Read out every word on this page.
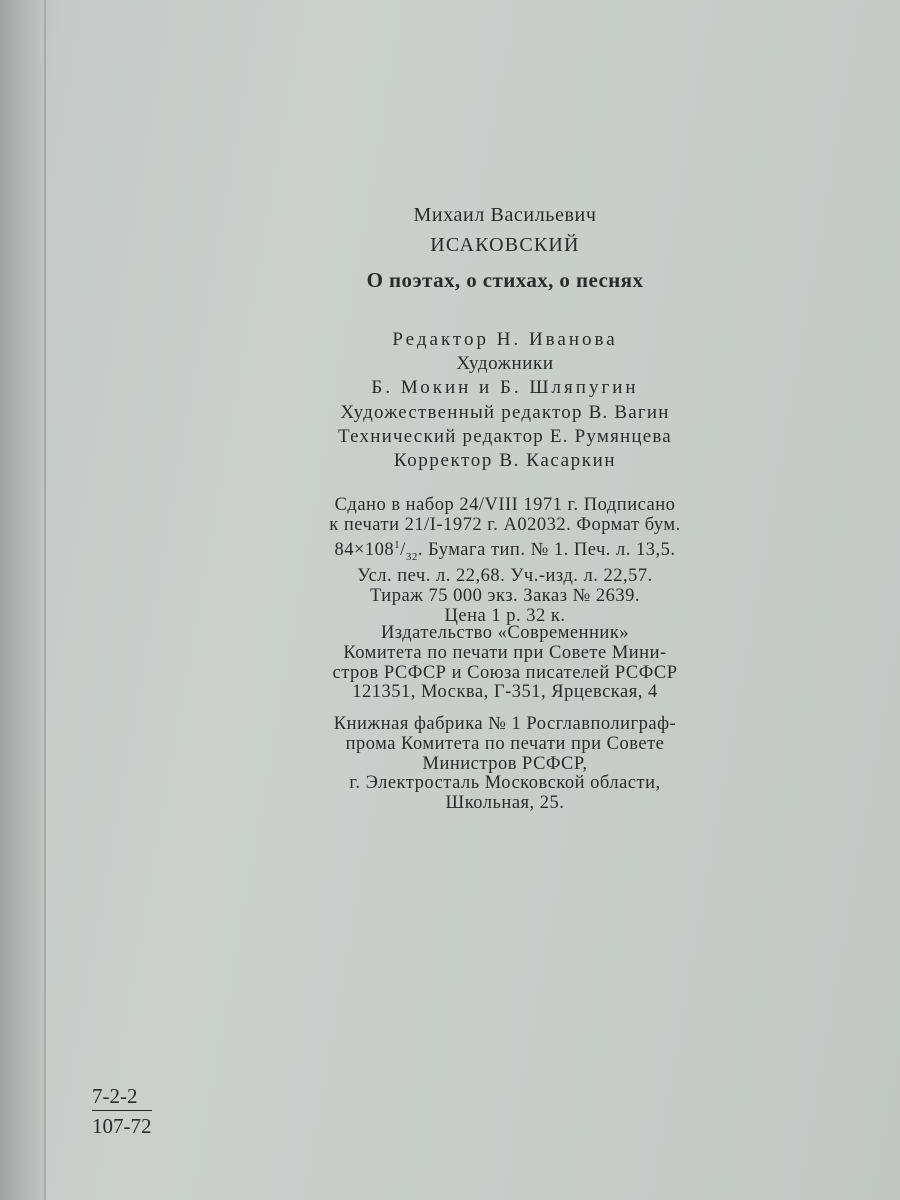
Михаил Васильевич
ИСАКОВСКИЙ
О поэтах, о стихах, о песнях
Редактор Н. Иванова
Художники
Б. Мокин и Б. Шляпугин
Художественный редактор В. Вагин
Технический редактор Е. Румянцева
Корректор В. Касаркин
Сдано в набор 24/VIII 1971 г. Подписано
к печати 21/I-1972 г. А02032. Формат бум.
$84\times 108^1/_{32}$. Бумага тип. № 1. Печ. л. 13,5.
Усл. печ. л. 22,68. Уч.-изд. л. 22,57.
Тираж 75 000 экз. Заказ № 2639.
Цена 1 р. 32 к.
Издательство «Современник»
Комитета по печати при Совете Мини-
стров РСФСР и Союза писателей РСФСР
121351, Москва, Г-351, Ярцевская, 4
Книжная фабрика № 1 Росглавполиграф-
прома Комитета по печати при Совете
Министров РСФСР,
г. Электросталь Московской области,
Школьная, 25.
$\frac{7-2-2}{107-72}$
